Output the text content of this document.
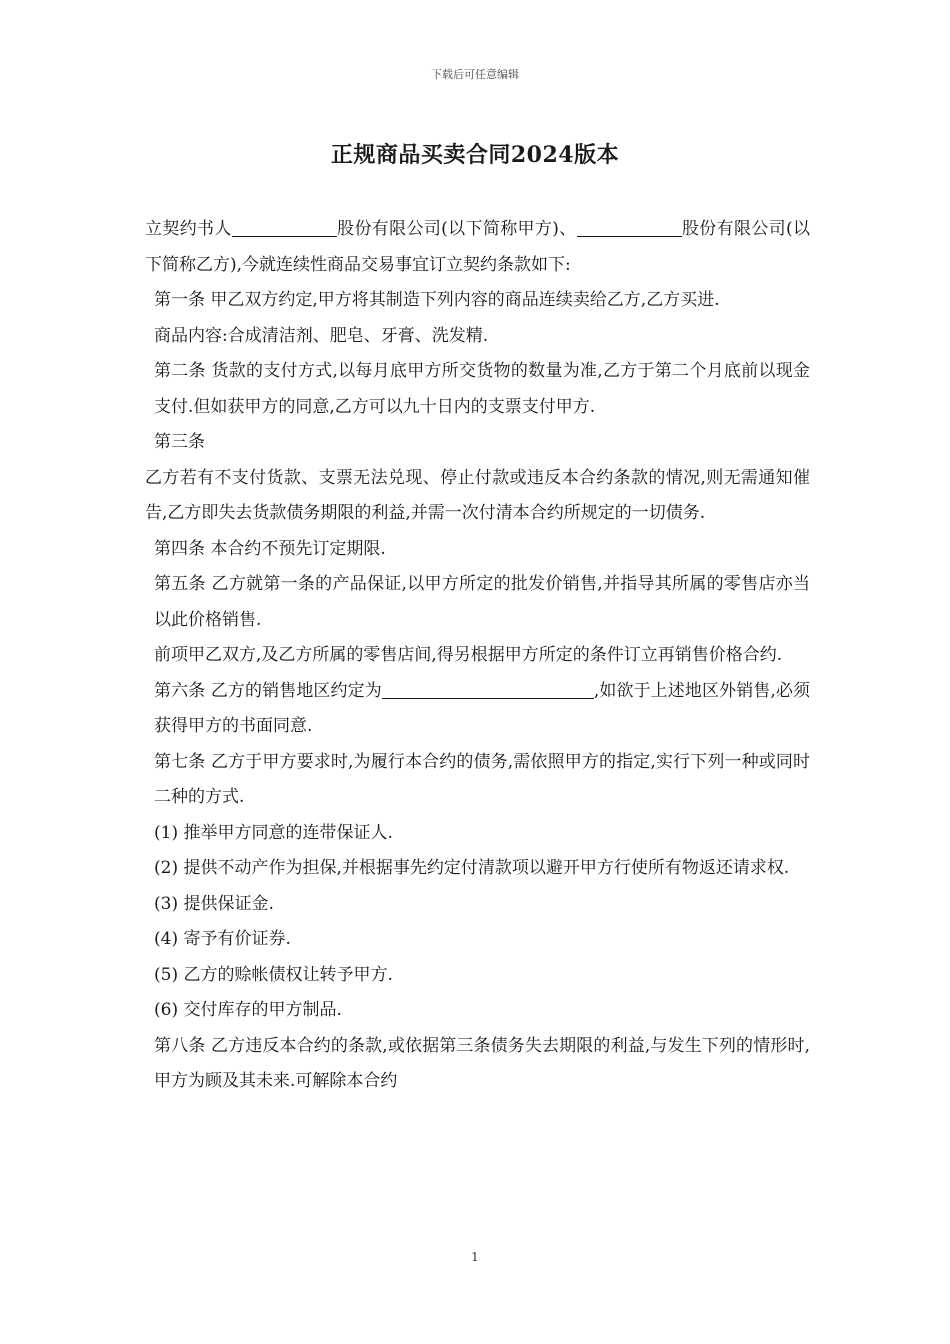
下载后可任意编辑
正规商品买卖合同2024版本

立契约书人	股份有限公司(以下简称甲方)、	股份有限公司(以下简称乙方),今就连续性商品交易事宜订立契约条款如下:

第一条 甲乙双方约定,甲方将其制造下列内容的商品连续卖给乙方,乙方买进.

商品内容:合成清洁剂、肥皂、牙膏、洗发精.

第二条 货款的支付方式,以每月底甲方所交货物的数量为准,乙方于第二个月底前以现金支付.但如获甲方的同意,乙方可以九十日内的支票支付甲方.

第三条

乙方若有不支付货款、支票无法兑现、停止付款或违反本合约条款的情况,则无需通知催告,乙方即失去货款债务期限的利益,并需一次付清本合约所规定的一切债务.

第四条 本合约不预先订定期限.

第五条 乙方就第一条的产品保证,以甲方所定的批发价销售,并指导其所属的零售店亦当以此价格销售.

前项甲乙双方,及乙方所属的零售店间,得另根据甲方所定的条件订立再销售价格合约.

第六条 乙方的销售地区约定为	,如欲于上述地区外销售,必须获得甲方的书面同意.

第七条 乙方于甲方要求时,为履行本合约的债务,需依照甲方的指定,实行下列一种或同时二种的方式.

(1) 推举甲方同意的连带保证人.

(2) 提供不动产作为担保,并根据事先约定付清款项以避开甲方行使所有物返还请求权.

(3) 提供保证金.

(4) 寄予有价证券.

(5) 乙方的赊帐债权让转予甲方.

(6) 交付库存的甲方制品.

第八条 乙方违反本合约的条款,或依据第三条债务失去期限的利益,与发生下列的情形时,甲方为顾及其未来.可解除本合约

1
